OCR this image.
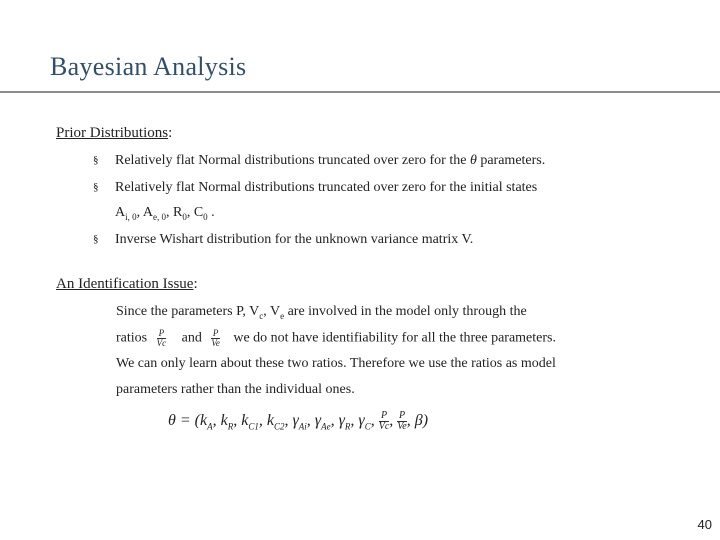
Bayesian Analysis
Prior Distributions:
§ Relatively flat Normal distributions truncated over zero for the θ parameters.
§ Relatively flat Normal distributions truncated over zero for the initial states
$A_{i, 0}$, $A_{e, 0}$, $R_0$, $C_0$ .
§ Inverse Wishart distribution for the unknown variance matrix V.
An Identification Issue:
Since the parameters P, $V_c$, $V_e$ are involved in the model only through the
ratios $\frac{P}{Vc}$ and $\frac{P}{Ve}$ we do not have identifiability for all the three parameters.
We can only learn about these two ratios. Therefore we use the ratios as model
parameters rather than the individual ones.
$\theta = (k_A$, $k_R$, $k_{C1}$, $k_{C2}$, $\gamma_{Ai}$, $\gamma_{Ae}$, $\gamma_R$, $\gamma_C$, $\frac{P}{Vc}$ , $\frac{P}{Ve}$ , β)
40
